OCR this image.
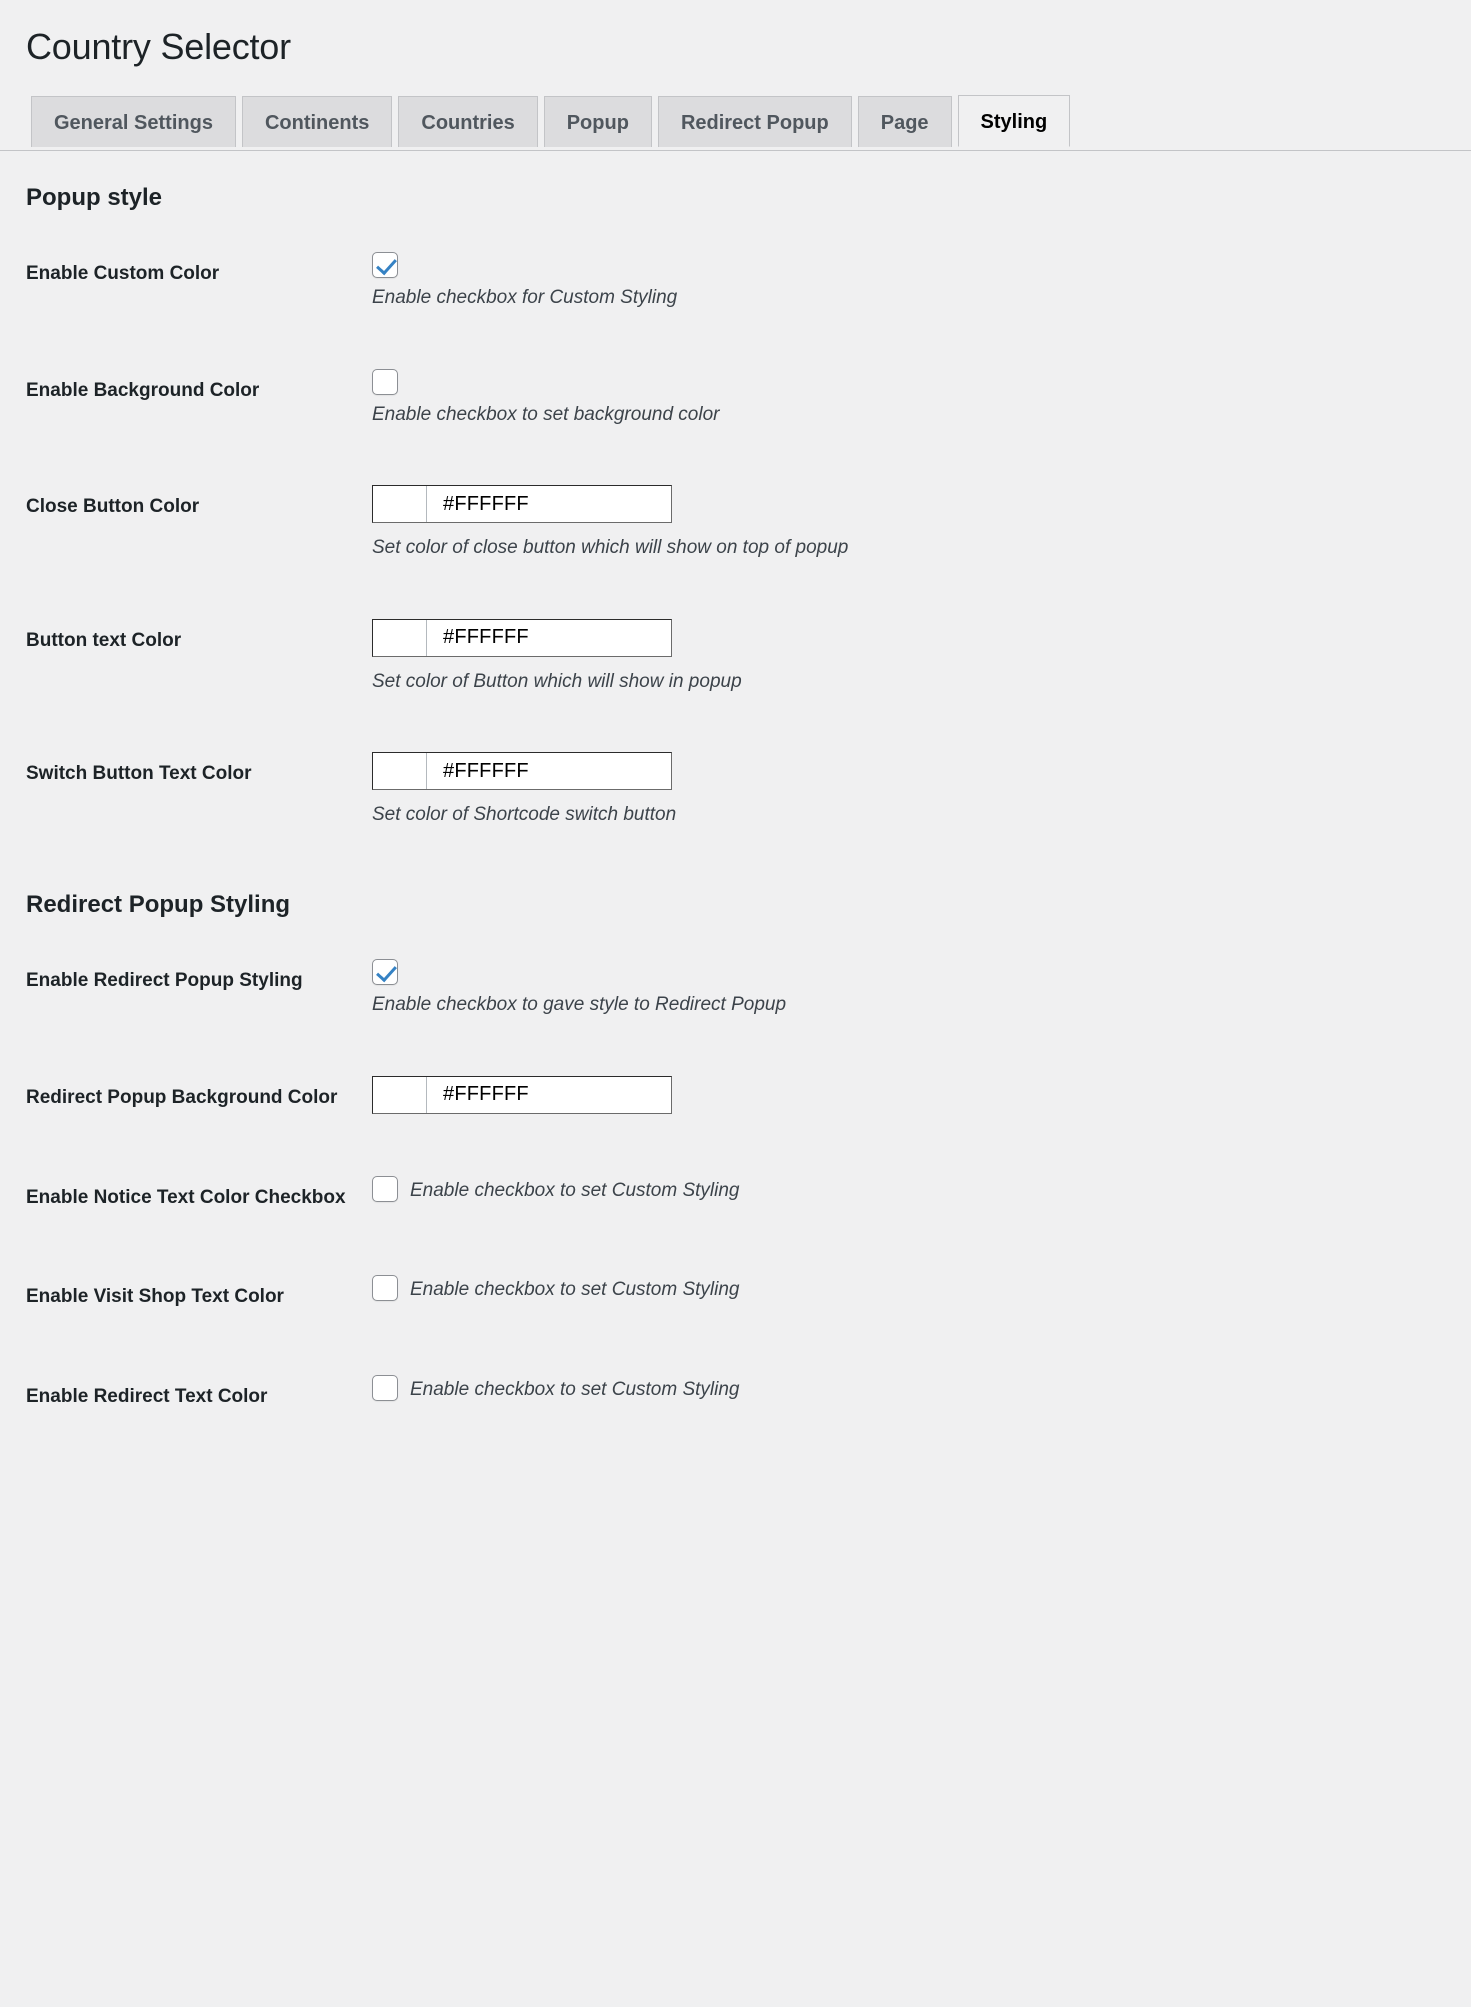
Country Selector
General Settings	Continents	Countries	Popup	Redirect Popup	Page	Styling
Popup style
Enable Custom Color	Enable checkbox for Custom Styling

Enable Background Color	Enable checkbox to set background color

Close Button Color	#FFFFFF

Set color of close button which will show on top of popup

Button text Color	#FFFFFF

Set color of Button which will show in popup

Switch Button Text Color	#FFFFFF

Set color of Shortcode switch button

Redirect Popup Styling
Enable Redirect Popup Styling	Enable checkbox to gave style to Redirect Popup

Redirect Popup Background Color	#FFFFFF

Enable Notice Text Color Checkbox	Enable checkbox to set Custom Styling

Enable Visit Shop Text Color	Enable checkbox to set Custom Styling

Enable Redirect Text Color	Enable checkbox to set Custom Styling
